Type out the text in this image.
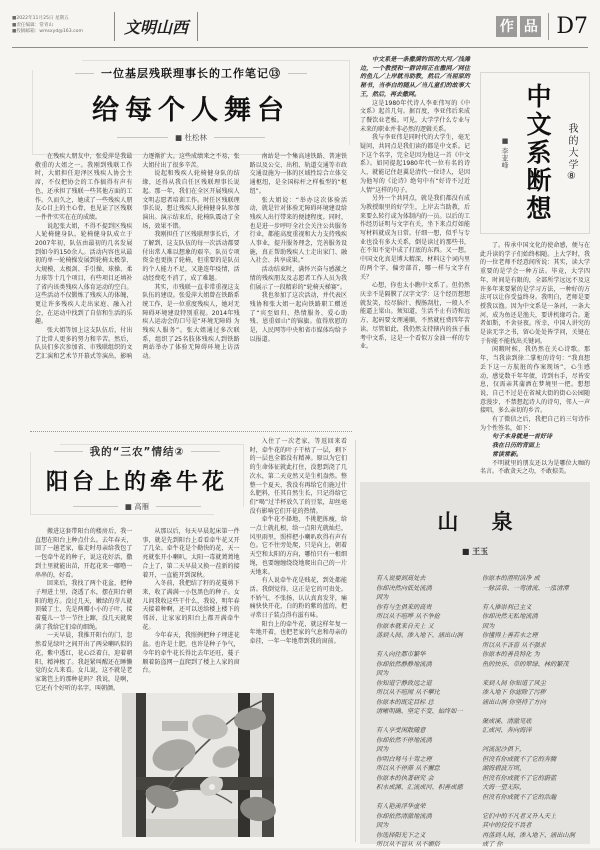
■2022年11月25日 星期五
■责任编辑：常青山
■投稿邮箱：wmsxyd@163.com	文明山西	作 品 D7
一位基层残联理事长的工作笔记⑬
给每个人舞台
■ 杜松林

在残疾人朋友中，张爱萍是我最敬重的大姐之一。我刚到残联工作时，大姐担任迎泽区残疾人协会主席，不仅把协会的工作搞得有声有色，还承担了残联一些其他方面的工作。久而久之，她成了一些残疾人朋友心目上的主心骨，也见证了区残联一件件实实在在的成绩。

说起张大姐，不得不提到区残疾人轮椅健身队。轮椅健身队成立于2007年初，队伍由最初的几名发展到如今的150余人。活动内容也从最初的单一轮椅操发展到轮椅太极拳、大规模、太极剑、手引操、球操、柔力球等十几个项目，有些项目还填补了省内该类残疾人体育运动的空白。这些活动不仅锻炼了残疾人的体魄，更让许多残疾人走出家庭、融入社会，在运动中找到了自信和生活的乐趣。

张大姐等加上这支队伍后，付出了比常人更多的努力和辛苦。然后，队员们多次参加省、市残联组织的文艺汇演和艺术节开幕式等演出，影响力逐渐扩大。这些成绩来之不易，张大姐付出了很多辛苦。

说起和残疾人轮椅健身队的结缘，还得从我自任区残联理事长说起。那一年，我们在全区开展残疾人文明志愿者培训工作。时任区残联理事长说，想让残疾人轮椅健身队参加演出。演示结束后，轮椅队震动了全场，效果不错。

我刚担任了区残联理事长后，才了解到，这支队伍的每一次活动都要付出常人难以想象的艰辛。队员专项资金也更换了轮椅，但重要的是队员的个人能力不足，又逢连年疫情，活动经费吃不消了，成了难题。

其实，市残联一直非常重视这支队伍的建设。张爱萍大姐曾在铁路系统工作，是一位重度残疾人，她对无障碍环境建设特别重视。2014年残疾人运动会的口号是“环境无障碍 为残疾人服务”。张大姐通过多次联系，组织了25名肢体残疾人到铁路两站举办了体验无障碍环境上访活动。

南站是一个集高速铁路、普速铁路以及公交、出租、轨道交通等市政交通设施为一体的区域性综合立体交通枢纽，是全国标杆之样板型的“枢纽”。

张大姐说：“举办这次体验活动，就是针对体验无障碍环境建设给残疾人出行带来的便捷程度。同时，也是进一步呼吁全社会关注公共服务行业，都能高度重视和大力支持残疾人事业，提升服务理念，完善服务设施，真正帮助残疾人士走出家门、融入社会、共享成果。”

活动结束时，满怀兴奋与感激之情的残疾朋友及志愿者工作人员为我们展示了一段精彩的“轮椅天梯赛”。

我也参加了这次活动，并代表区残协和张大姐一起向铁路职工赠送了“宾至如归、热情服务、爱心助残、恩重如山”的锦旗。值得欣慰的是，人民网等中央和省市媒体均给予以报道。

我的“三农”情结②
阳台上的牵牛花
■ 高雁

搬进这套带阳台的楼房后，我一直想在阳台上种点什么。去年春天，回了一趟老家，临走时母亲给我包了一包牵牛花的种子，说这花好活，撒到土里就能出苗，开起花来一嘟噜一串串的，好看。

回来后，我找了两个花盆，把种子埋进土里，浇透了水，摆在阳台朝阳的地方。没过几天，嫩绿的芽儿就顶破了土，先是两瓣小小的子叶，接着蔓儿一节一节往上蹿，没几天就爬满了我给它们牵的细绳。

一天早晨，我推开阳台的门，忽然看见绿叶之间开出了两朵喇叭似的花，紫中透红，花心泛着白，迎着朝阳，精神极了。我赶紧叫醒还在睡懒觉的女儿来看。女儿说，这不就是老家篱笆上的那种花吗？我说，是啊，它还有个好听的名字，叫朝颜。

从那以后，每天早晨起床第一件事，就是先到阳台上看看牵牛花又开了几朵。牵牛花是个勤快的花，天一亮就张开小喇叭，太阳一毒就蔫蔫地合上了，第二天早晨又换一茬新的接着开，一直能开到深秋。

入冬前，我把结了籽的花蔓剪下来，收了满满一小包黑色的种子。女儿问我收这些干什么，我说，明年春天接着种啊，还可以送给楼上楼下的邻居，让家家的阳台上都开满牵牛花。

今年春天，我照例把种子埋进花盆。也许是土肥，也许是种子争气，今年的牵牛花长得比去年还旺，蔓子顺着防盗网一直爬到了楼上人家的窗台。

入住了一次老家，等返回来看时，牵牛花的叶子干枯了一层，剩下的一层也全都没有精神。原以为它们的生命体征就此打住，没想到浇了几次水，第二天竟然又是生机盎然。整整一个夏天，我没有再给它们施过什么肥料，任其自然生长，只记得给它们“喝”过半杯放久了的豆浆，却丝毫没有影响它们开花的热情。

牵牛花不择地，不挑肥拣瘦，给一点土就扎根，给一点阳光就灿烂，风里雨里，照样把小喇叭吹得有声有色。它不往旁处爬，只是向上，朝着天空和太阳的方向，哪怕只有一根细绳，也要缠缠绕绕地爬出自己的一片天地来。

有人说牵牛花是贱花，到处都能活。我倒觉得，这正是它的可贵处。不娇气、不张扬，认认真真发芽，痛痛快快开花，白的粉的紫的蓝的，把寻常日子装点得有滋有味。

阳台上的牵牛花，就这样年复一年地开着，也把老家的气息和母亲的牵挂，一年一年地带到我的窗前。

中文系是一条撒满钓饵的大河／浅滩边，一个教授和一群讲师正在撒网／网住的鱼儿／上岸就当助教，然后／当屈原的秘书，当李白的随从／当儿童们的故事大王，然后，再去撒网。

这是1980年代诗人李亚伟写的《中文系》起首几句。据百度，李亚伟后来成了餐饮业老板。可见，大学学什么专业与未来的职业并非必然的逻辑关系。

我与李亚伟是同时代的大学生，毫无疑问，共同点是我们读的都是中文系。记下这个名字，完全是因为他这一首《中文系》。如同提起1980年代一位有名的诗人，就能记住赵翼是清代一位诗人，是因为他写的《论诗》绝句中有“好诗不过近人情”这样的句子。

另外一个共同点，就是我们都没有成为教授眼里的好学生，上岸去当助教，后来要么转行或为体制内的一员。以后的工作经历证明与文字有关，坐下来点灯如能写材料就成为日常。仔细一想，似乎与专业也没有多大关系，倒是读过的那些书，在不知不觉中成了打底的东西。又一想，中国文化真是博大精深，材料这个词内里的两个字，偏旁部首，哪一样与文字有关？

心想，你也太小瞧中文系了。但仍然庆幸不是隔膜了汉字文学：这个经历想想就发笑，绞尽脑汁、搜肠刮肚，一般人不能逼上梁山。须知道，生活不止有诗和远方，起码要文理通顺，不然就枉费四年苦读。尽管如此，我仍然支持辖内的孩子报考中文系，这是一个看似万金油一样的专业。

我的大学⑧
中文系断想
■ 李亚峰

了。传承中国文化的使命感，便与在此升读的学子们始终相随。上大学时，我的一位老师不经意间所说：其实，读大学重要的是学会一种方法。毕竟，大学四年，时间是有限的，全部所学远远不及这许多年来要紧的是学习方法，一种好的方法可以让你受益终身。我明白，老师是要授我以渔。因为中文系是一条河，一条大河，成为鱼还是渔夫，要讲机缘巧合。逝者如斯，不舍昼夜。所幸，中国人讲究的是读无字之书，留心处处皆学问，关键在于你能不能找出关键词。

闲暇时候，我仍然在关心诗歌。那年，当我读到徐二掌柜的诗句：“我真想丢下这一方肮脏的作案现场”，心生感动，感觉数千年年债，诗到右手，尽皆安息，仅需亲其蒲洒在梦境里一把。想想说，自己不过是在省城大街的街心公园随意漫步，不禁想起诗人的诗句，邻人一声接唱，多么亲切的乡音。

有了微信之后，我把自己的三句诗作为个性签名，如下：

句子本身就是一首好诗
我在日历的背面上
常读常新。

不明就里的朋友还以为是哪位大咖的名言。不敢贪天之功，不敢掠美。

山 泉
■ 王玉
有人说要到高处去
你却决然向低处流淌
因为
你有与生俱来的高贵
所以从不喧哗 从不争抢
你原本就来自天上 又
落到人间、渗入地下、涌出山涧
有人向往都市繁华
你却依然静静地流淌
因为
你知道宁静致远之道
所以从不喧闹 从不攀比
你原本的既定目标 总
清晰明确、坚定不变、始终如一
有人享受闲散随意
你却依然不停地流淌
因为
你明白驽马十驾之理
所以从不停滞 从不懈怠
你原本的执著研究 会
积水成渊、汇流成河、积善成德
有人艳羡浮华虚荣
你却依然清澈地流淌
因为
你选择阳光下之义
所以从不盲从 从不媚俗
你原本的澄明洁净 成
一脉活泉、一弯清流、一泓清潭
有人推崇利己主义
你却决然无私地流淌
因为
你懂得上善若水之理
所以从不吝啬 从不强求
你原本的善良特化 为
鱼的快乐、草的翠绿、林的繁茂
来到人间 你知道了风尘
渗入地下 你滤除了污秽
涌出山涧 你坚持了方向
聚成溪、清澈见底
汇成河、奔向海洋
河流泥沙俱下，
但没有你成就不了它的奔腾
湖海碧波万顷，
但没有你成就不了它的蔚蓝
大海一望无际，
但没有你成就不了它的浩瀚
它们中的不凡者又升入天上
其中的佼佼不畏者
再落到人间、渗入地下、涌出山涧
成了 你
